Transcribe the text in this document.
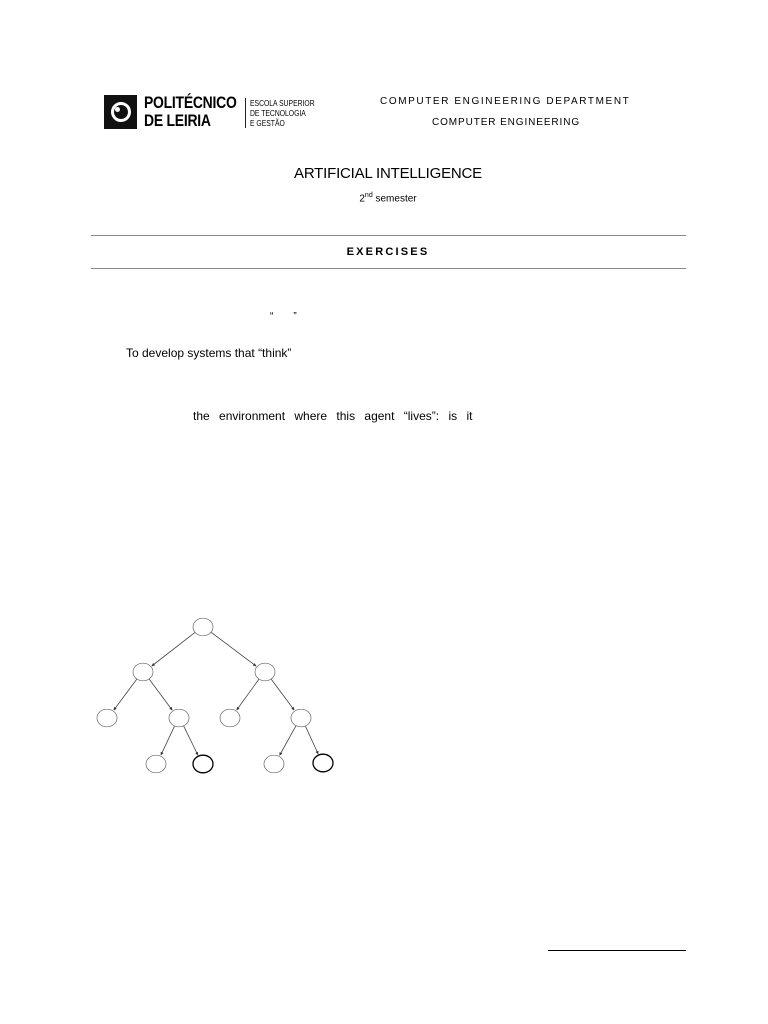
POLITÉCNICO
DE LEIRIA
ESCOLA SUPERIOR
DE TECNOLOGIA
E GESTÃO
COMPUTER ENGINEERING DEPARTMENT
COMPUTER ENGINEERING
ARTIFICIAL INTELLIGENCE
2nd semester
EXERCISES
“ ”
To develop systems that “think”
the environment where this agent “lives”: is it
